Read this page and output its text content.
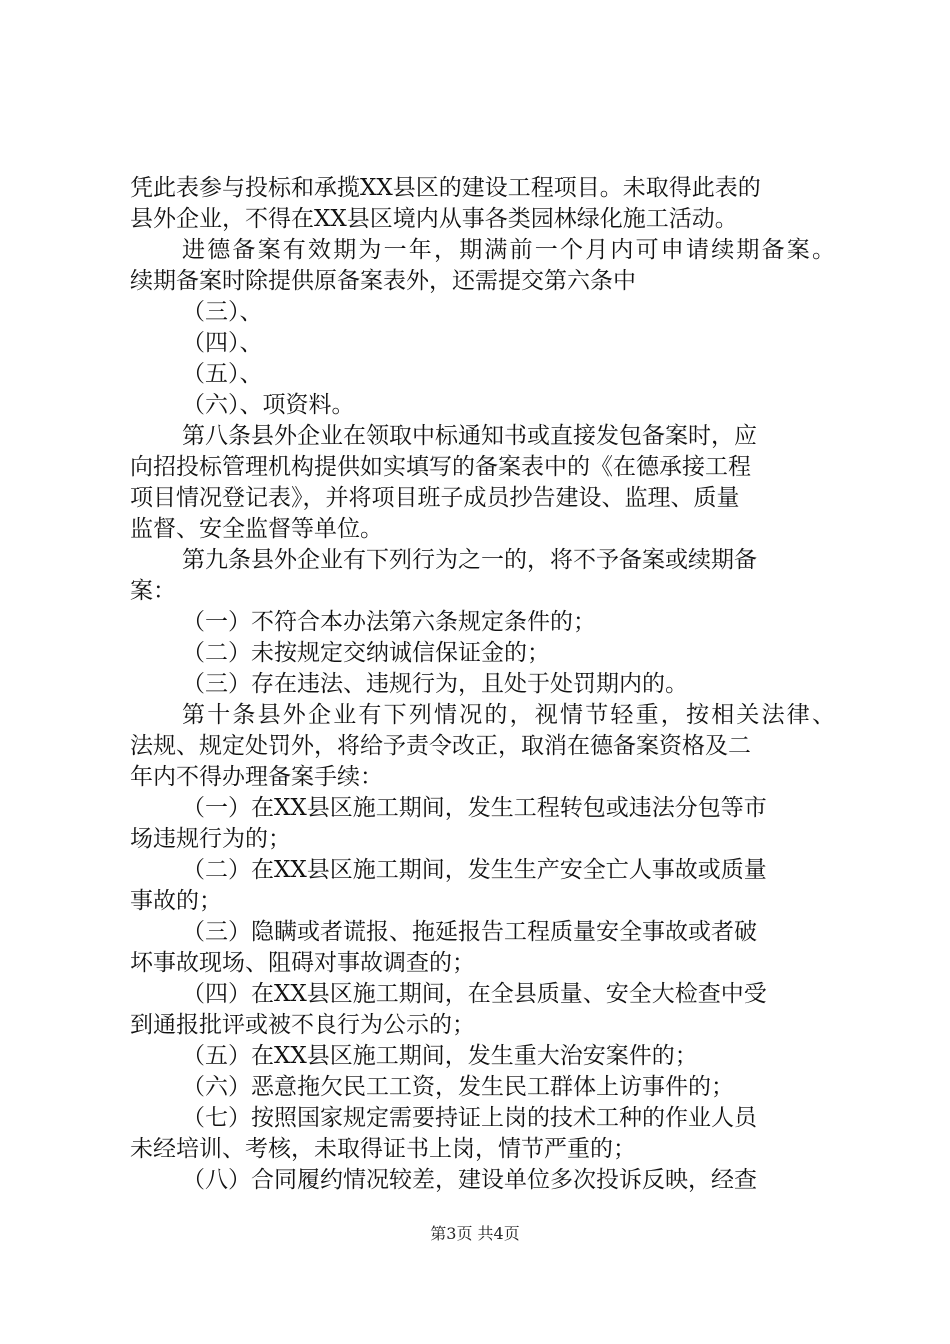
凭此表参与投标和承揽XX县区的建设工程项目。未取得此表的
县外企业，不得在XX县区境内从事各类园林绿化施工活动。
进德备案有效期为一年，期满前一个月内可申请续期备案。
续期备案时除提供原备案表外，还需提交第六条中
（三）、
（四）、
（五）、
（六）、项资料。
第八条县外企业在领取中标通知书或直接发包备案时，应
向招投标管理机构提供如实填写的备案表中的《在德承接工程
项目情况登记表》，并将项目班子成员抄告建设、监理、质量
监督、安全监督等单位。
第九条县外企业有下列行为之一的，将不予备案或续期备
案：
（一）不符合本办法第六条规定条件的；
（二）未按规定交纳诚信保证金的；
（三）存在违法、违规行为，且处于处罚期内的。
第十条县外企业有下列情况的，视情节轻重，按相关法律、
法规、规定处罚外，将给予责令改正，取消在德备案资格及二
年内不得办理备案手续：
（一）在XX县区施工期间，发生工程转包或违法分包等市
场违规行为的；
（二）在XX县区施工期间，发生生产安全亡人事故或质量
事故的；
（三）隐瞒或者谎报、拖延报告工程质量安全事故或者破
坏事故现场、阻碍对事故调查的；
（四）在XX县区施工期间，在全县质量、安全大检查中受
到通报批评或被不良行为公示的；
（五）在XX县区施工期间，发生重大治安案件的；
（六）恶意拖欠民工工资，发生民工群体上访事件的；
（七）按照国家规定需要持证上岗的技术工种的作业人员
未经培训、考核，未取得证书上岗，情节严重的；
（八）合同履约情况较差，建设单位多次投诉反映，经查
第3页 共4页
